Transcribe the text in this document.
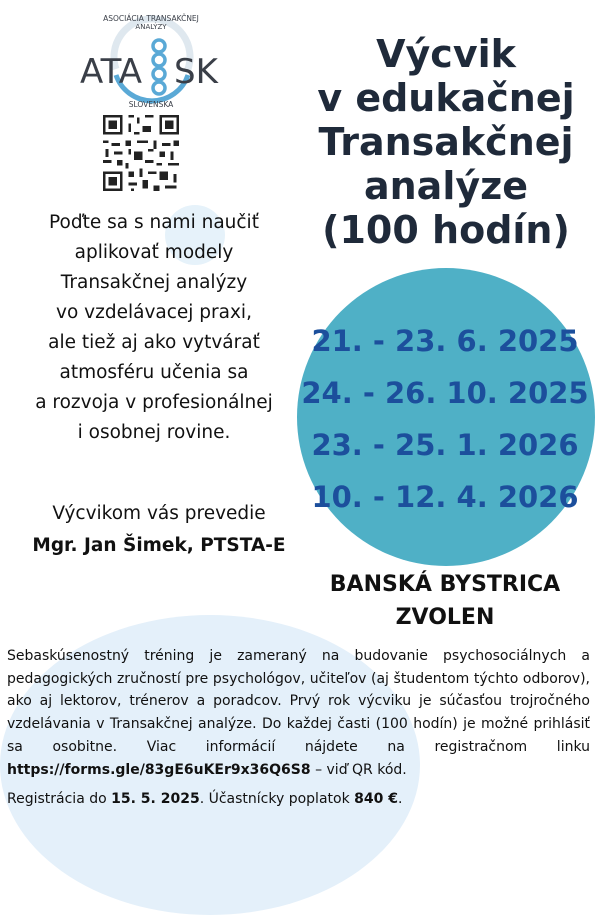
ASOCIÁCIA TRANSAKČNEJ
ANALÝZY
ATA SK
SLOVENSKA
Výcvik
v edukačnej
Transakčnej
analýze
(100 hodín)
Poďte sa s nami naučiť
aplikovať modely
Transakčnej analýzy
vo vzdelávacej praxi,
ale tiež aj ako vytvárať
atmosféru učenia sa
a rozvoja v profesionálnej
i osobnej rovine.
Výcvikom vás prevedie
Mgr. Jan Šimek, PTSTA-E
21. - 23. 6. 2025
24. - 26. 10. 2025
23. - 25. 1. 2026
10. - 12. 4. 2026
BANSKÁ BYSTRICA
ZVOLEN

Sebaskúsenostný tréning je zameraný na budovanie psychosociálnych a pedagogických zručností pre psychológov, učiteľov (aj študentom týchto odborov), ako aj lektorov, trénerov a poradcov. Prvý rok výcviku je súčasťou trojročného vzdelávania v Transakčnej analýze. Do každej časti (100 hodín) je možné prihlásiť sa osobitne. Viac informácií nájdete na registračnom linku https://forms.gle/83gE6uKEr9x36Q6S8 – viď QR kód.

Registrácia do 15. 5. 2025. Účastnícky poplatok 840 €.
